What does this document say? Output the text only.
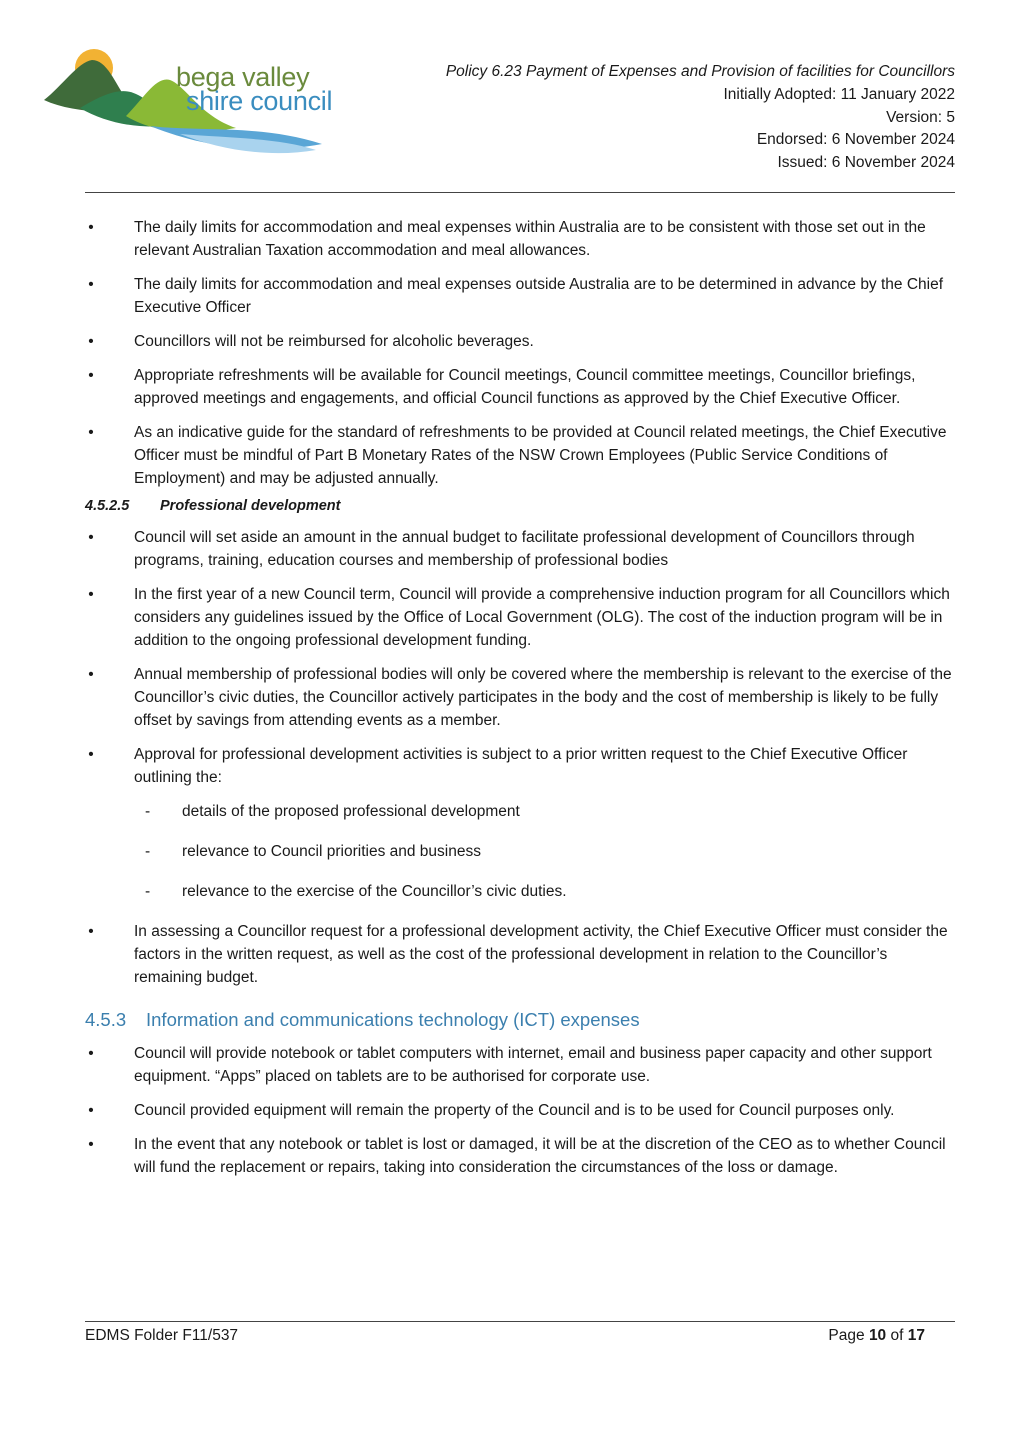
bega valley
shire council
Policy 6.23 Payment of Expenses and Provision of facilities for Councillors
Initially Adopted: 11 January 2022
Version: 5
Endorsed: 6 November 2024
Issued: 6 November 2024
•	The daily limits for accommodation and meal expenses within Australia are to be consistent with those set out in the relevant Australian Taxation accommodation and meal allowances.
•	The daily limits for accommodation and meal expenses outside Australia are to be determined in advance by the Chief Executive Officer
•	Councillors will not be reimbursed for alcoholic beverages.
•	Appropriate refreshments will be available for Council meetings, Council committee meetings, Councillor briefings, approved meetings and engagements, and official Council functions as approved by the Chief Executive Officer.
•	As an indicative guide for the standard of refreshments to be provided at Council related meetings, the Chief Executive Officer must be mindful of Part B Monetary Rates of the NSW Crown Employees (Public Service Conditions of Employment) and may be adjusted annually.
4.5.2.5 Professional development
•	Council will set aside an amount in the annual budget to facilitate professional development of Councillors through programs, training, education courses and membership of professional bodies
•	In the first year of a new Council term, Council will provide a comprehensive induction program for all Councillors which considers any guidelines issued by the Office of Local Government (OLG). The cost of the induction program will be in addition to the ongoing professional development funding.
•	Annual membership of professional bodies will only be covered where the membership is relevant to the exercise of the Councillor’s civic duties, the Councillor actively participates in the body and the cost of membership is likely to be fully offset by savings from attending events as a member.
•	Approval for professional development activities is subject to a prior written request to the Chief Executive Officer outlining the:
- details of the proposed professional development
- relevance to Council priorities and business
- relevance to the exercise of the Councillor’s civic duties.
•	In assessing a Councillor request for a professional development activity, the Chief Executive Officer must consider the factors in the written request, as well as the cost of the professional development in relation to the Councillor’s remaining budget.
4.5.3 Information and communications technology (ICT) expenses
•	Council will provide notebook or tablet computers with internet, email and business paper capacity and other support equipment. “Apps” placed on tablets are to be authorised for corporate use.
•	Council provided equipment will remain the property of the Council and is to be used for Council purposes only.
•	In the event that any notebook or tablet is lost or damaged, it will be at the discretion of the CEO as to whether Council will fund the replacement or repairs, taking into consideration the circumstances of the loss or damage.
EDMS Folder F11/537	Page 10 of 17
